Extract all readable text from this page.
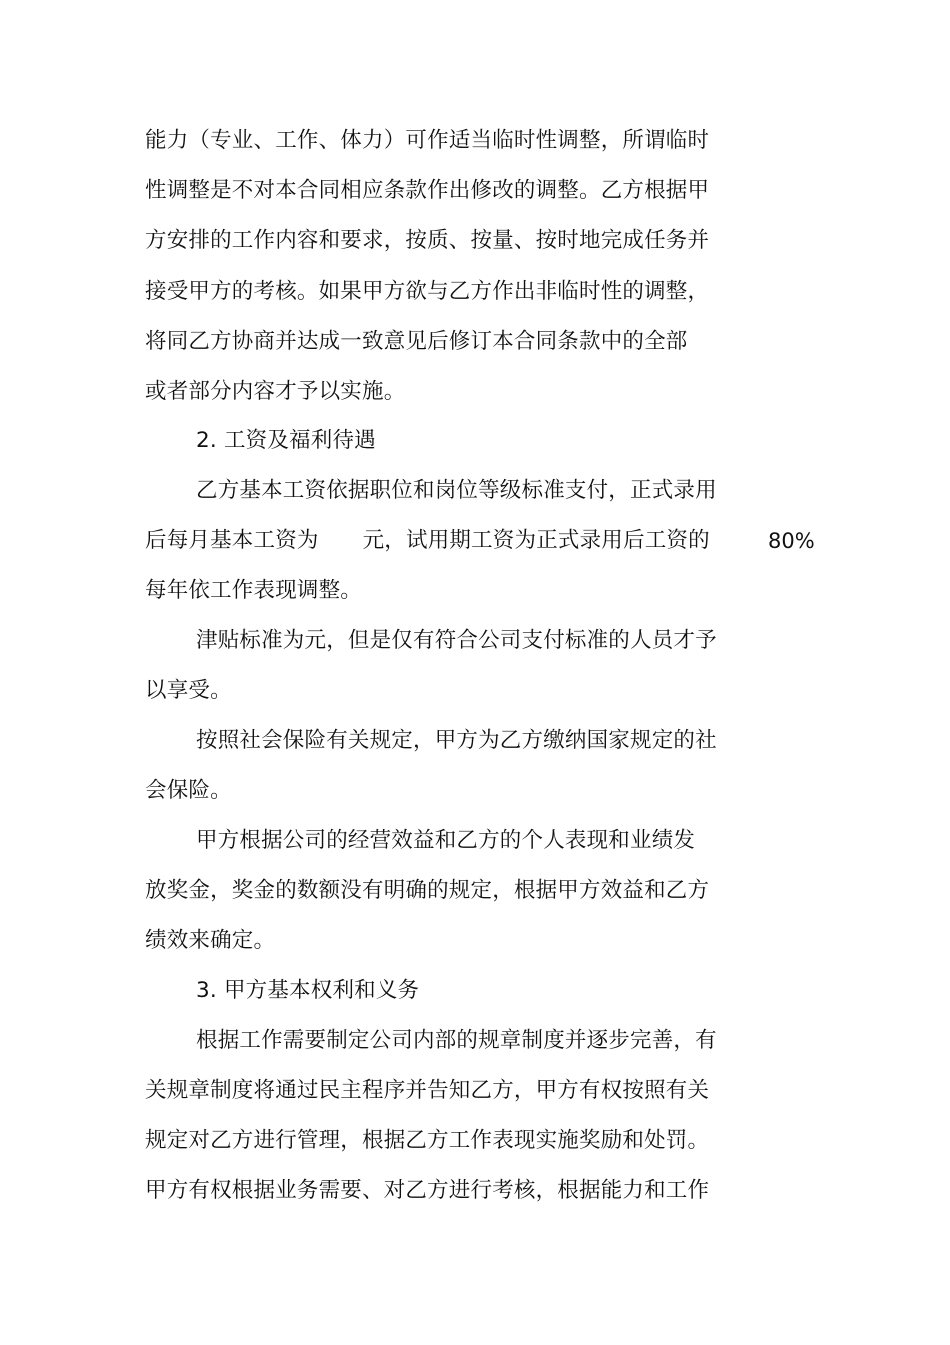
能力（专业、工作、体力）可作适当临时性调整，所谓临时
性调整是不对本合同相应条款作出修改的调整。乙方根据甲
方安排的工作内容和要求，按质、按量、按时地完成任务并
接受甲方的考核。如果甲方欲与乙方作出非临时性的调整，
将同乙方协商并达成一致意见后修订本合同条款中的全部
或者部分内容才予以实施。
2. 工资及福利待遇
乙方基本工资依据职位和岗位等级标准支付，正式录用
后每月基本工资为 元，试用期工资为正式录用后工资的	80%
每年依工作表现调整。
津贴标准为元，但是仅有符合公司支付标准的人员才予
以享受。
按照社会保险有关规定，甲方为乙方缴纳国家规定的社
会保险。
甲方根据公司的经营效益和乙方的个人表现和业绩发
放奖金，奖金的数额没有明确的规定，根据甲方效益和乙方
绩效来确定。
3. 甲方基本权利和义务
根据工作需要制定公司内部的规章制度并逐步完善，有
关规章制度将通过民主程序并告知乙方，甲方有权按照有关
规定对乙方进行管理，根据乙方工作表现实施奖励和处罚。
甲方有权根据业务需要、对乙方进行考核，根据能力和工作
